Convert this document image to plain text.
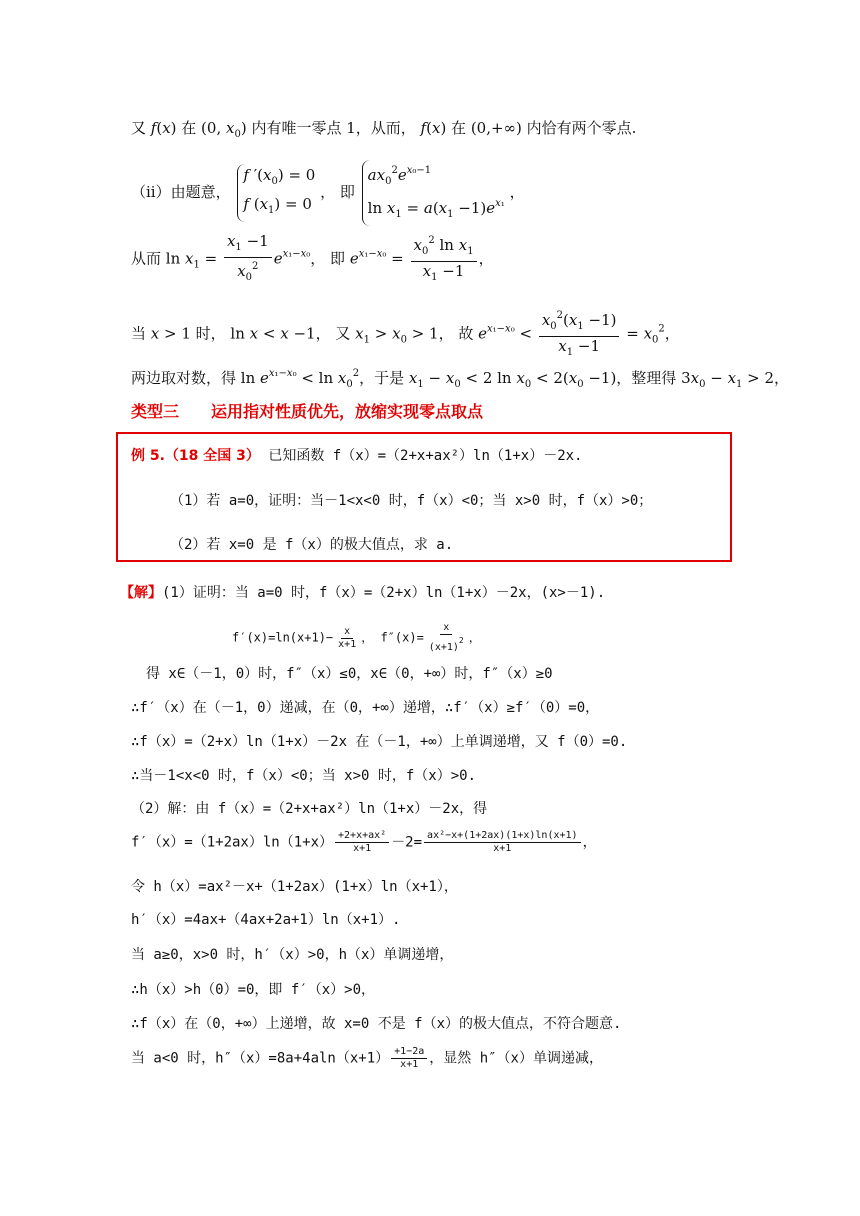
又 f(x) 在 (0, $x_0$) 内有唯一零点 1，从而， f(x) 在 (0,+∞) 内恰有两个零点.
（ii）由题意，
f $'(x_0) = 0$
f $(x_1) = 0$
， 即
$ax_0^2e^{x_0-1}$
$\ln x_1 = a(x_1 -1)e^{x_1}$
，
从而 $\ln x_1 = \frac{x_1 -1}{x_0^2} e^{x_1-x_0}$， 即 $e^{x_1-x_0} = \frac{x_0^2 \ln x_1}{x_1 -1}$ ，
当 x > 1 时， ln x < x −1， 又 $x_1 > x_0 > 1$， 故 $e^{x_1-x_0} < \frac{x_0^2(x_1 -1)}{x_1 -1} = x_0^2$，
两边取对数，得 $\ln e^{x_1-x_0} < \ln x_0^2$，于是 $x_1 - x_0 < 2$ $\ln x_0 < 2(x_0 -1)$，整理得 $3x_0 - x_1 > 2$，
类型三　　运用指对性质优先，放缩实现零点取点
例 5.（18 全国 3） 已知函数 f（x）=（2+x+ax²）ln（1+x）－2x.
（1）若 a=0，证明：当－1<x<0 时，f（x）<0；当 x>0 时，f（x）>0；
（2）若 x=0 是 f（x）的极大值点，求 a.
【解】(1）证明：当 a=0 时，f（x）=（2+x）ln（1+x）－2x，(x>－1).
$f'(x)=\ln(x+1)- \frac{x}{x+1}$ ， $f''(x)= \frac{x}{(x+1)^2}$ ，
得 x∈（－1，0）时，f″（x）≤0，x∈（0，+∞）时，f″（x）≥0
∴f′（x）在（－1，0）递减，在（0，+∞）递增，∴f′（x）≥f′（0）=0，
∴f（x）=（2+x）ln（1+x）－2x 在（－1，+∞）上单调递增，又 f（0）=0.
∴当－1<x<0 时，f（x）<0；当 x>0 时，f（x）>0.
（2）解：由 f（x）=（2+x+ax²）ln（1+x）－2x，得
$f'(x)=(1+2ax)\ln(1+x) \frac{\text{+2+x+ax²}}{x+1} -2= \frac{\text{ax²−x+(1+2ax)(1+x)ln(x+1)}}{x+1}$ ，
令 h（x）=ax²－x+（1+2ax）(1+x）ln（x+1），
h′（x）=4ax+（4ax+2a+1）ln（x+1）.
当 a≥0，x>0 时，h′（x）>0，h（x）单调递增，
∴h（x）>h（0）=0，即 f′（x）>0，
∴f（x）在（0，+∞）上递增，故 x=0 不是 f（x）的极大值点，不符合题意.
当 a<0 时，$h''(x)=8a+4aln(x+1) \frac{+1-2a}{x+1}$ ，显然 h″（x）单调递减，
